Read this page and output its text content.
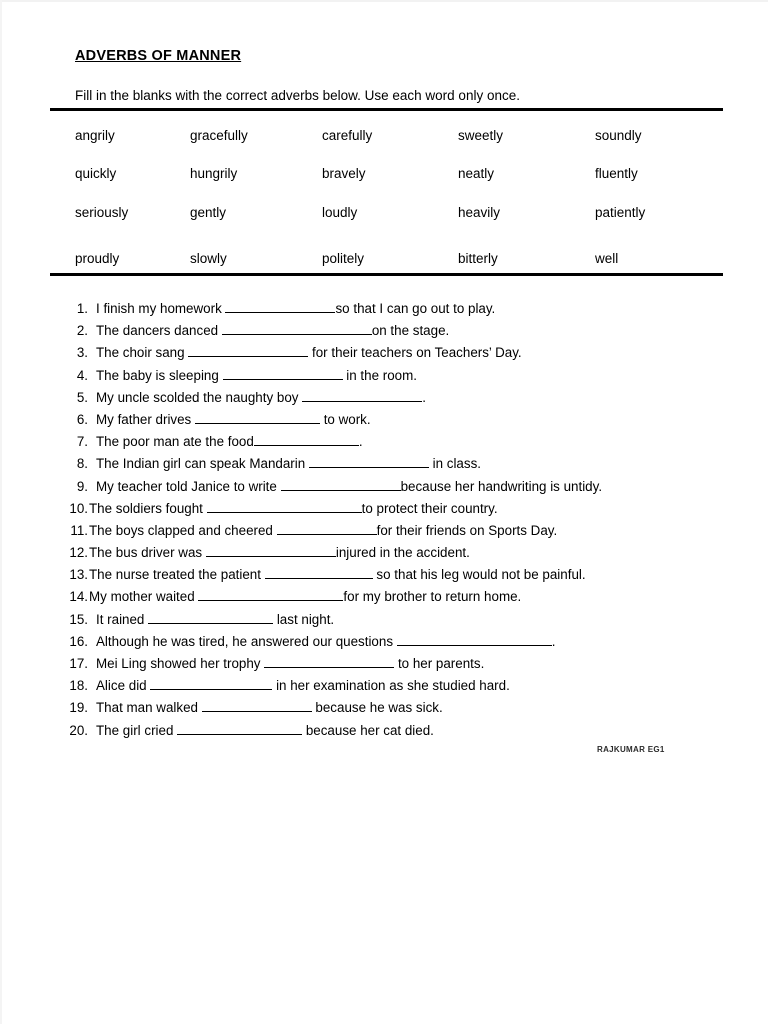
ADVERBS OF MANNER
Fill in the blanks with the correct adverbs below. Use each word only once.
angrily	gracefully	carefully	sweetly	soundly
quickly	hungrily	bravely	neatly	fluently
seriously	gently	loudly	heavily	patiently
proudly	slowly	politely	bitterly	well
1. I finish my homework	so that I can go out to play.
2. The dancers danced	on the stage.
3. The choir sang	for their teachers on Teachers’ Day.
4. The baby is sleeping	in the room.
5. My uncle scolded the naughty boy	.
6. My father drives	to work.
7. The poor man ate the food	.
8. The Indian girl can speak Mandarin	in class.
9. My teacher told Janice to write	because her handwriting is untidy.
10.The soldiers fought	to protect their country.
11.The boys clapped and cheered	for their friends on Sports Day.
12.The bus driver was	injured in the accident.
13.The nurse treated the patient	so that his leg would not be painful.
14.My mother waited	for my brother to return home.
15. It rained	last night.
16. Although he was tired, he answered our questions	.
17. Mei Ling showed her trophy	to her parents.
18. Alice did	in her examination as she studied hard.
19. That man walked	because he was sick.
20. The girl cried	because her cat died.
RAJKUMAR EG1
